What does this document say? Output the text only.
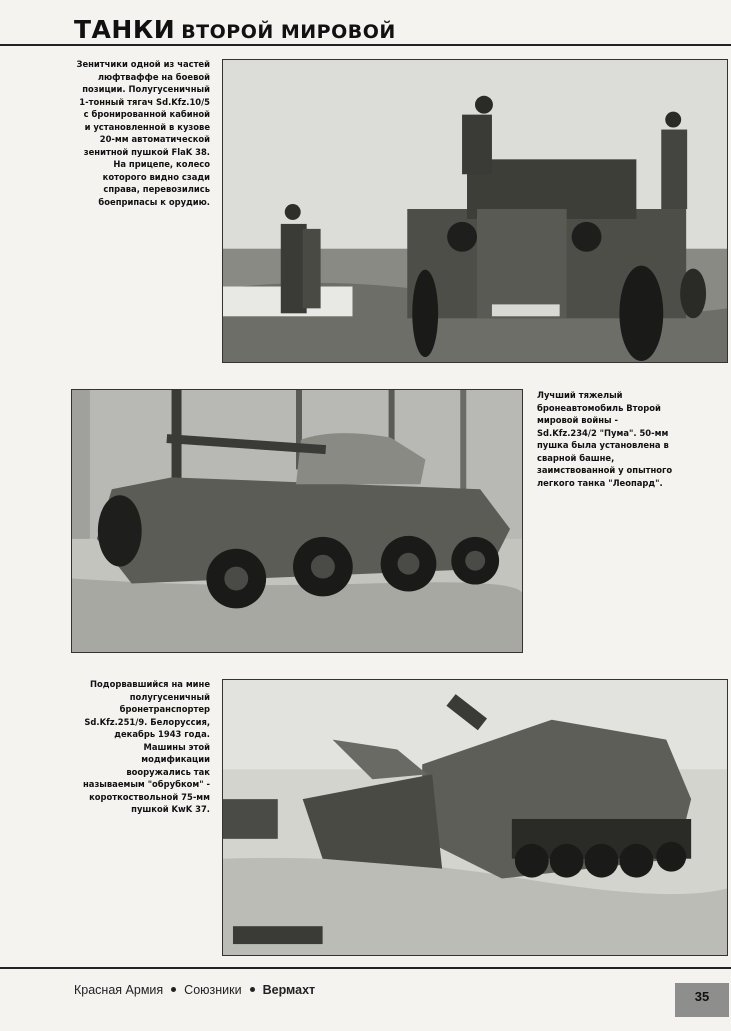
ТАНКИ ВТОРОЙ МИРОВОЙ
Зенитчики одной из частей
люфтваффе на боевой
позиции. Полугусеничный
1-тонный тягач Sd.Kfz.10/5
с бронированной кабиной
и установленной в кузове
20-мм автоматической
зенитной пушкой FlaK 38.
На прицепе, колесо
которого видно сзади
справа, перевозились
боеприпасы к орудию.
Лучший тяжелый
бронеавтомобиль Второй
мировой войны -
Sd.Kfz.234/2 "Пума". 50-мм
пушка была установлена в
сварной башне,
заимствованной у опытного
легкого танка "Леопард".
Подорвавшийся на мине
полугусеничный
бронетранспортер
Sd.Kfz.251/9. Белоруссия,
декабрь 1943 года.
Машины этой модификации
вооружались так
называемым "обрубком" -
короткоствольной 75-мм
пушкой KwK 37.
Красная Армия Союзники Вермахт	35
